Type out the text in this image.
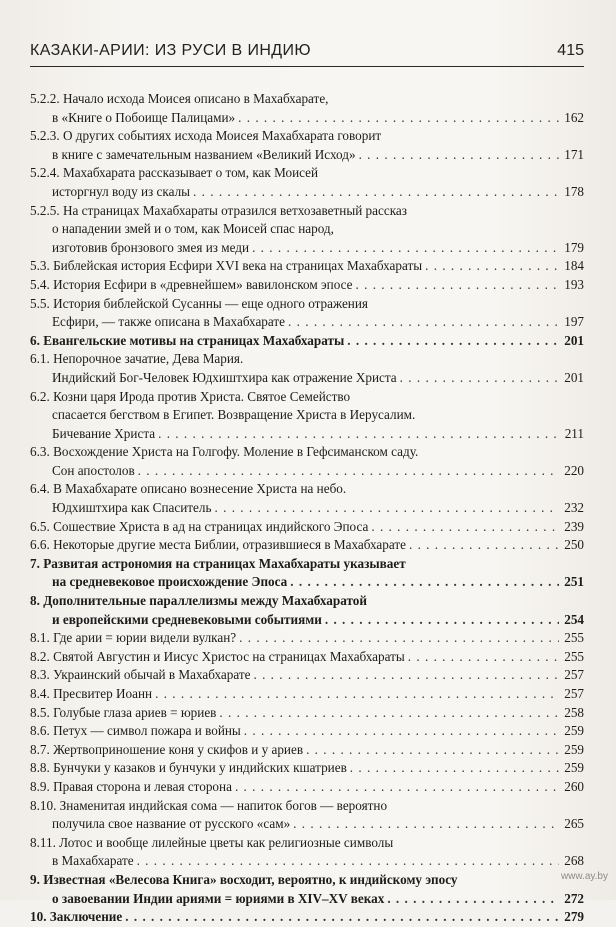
КАЗАКИ-АРИИ: ИЗ РУСИ В ИНДИЮ	415
5.2.2. Начало исхода Моисея описано в Махабхарате,
в «Книге о Побоище Палицами» . . .	162
5.2.3. О других событиях исхода Моисея Махабхарата говорит
в книге с замечательным названием «Великий Исход» . . .	171
5.2.4. Махабхарата рассказывает о том, как Моисей
исторгнул воду из скалы . . .	178
5.2.5. На страницах Махабхараты отразился ветхозаветный рассказ
о нападении змей и о том, как Моисей спас народ,
изготовив бронзового змея из меди . . .	179
5.3. Библейская история Есфири XVI века на страницах Махабхараты . . .	184
5.4. История Есфири в «древнейшем» вавилонском эпосе . . .	193
5.5. История библейской Сусанны — еще одного отражения
Есфири, — также описана в Махабхарате . . .	197
6. Евангельские мотивы на страницах Махабхараты . . .	201
6.1. Непорочное зачатие, Дева Мария.
Индийский Бог-Человек Юдхиштхира как отражение Христа . . .	201
6.2. Козни царя Ирода против Христа. Святое Семейство
спасается бегством в Египет. Возвращение Христа в Иерусалим.
Бичевание Христа . . .	211
6.3. Восхождение Христа на Голгофу. Моление в Гефсиманском саду.
Сон апостолов . . .	220
6.4. В Махабхарате описано вознесение Христа на небо.
Юдхиштхира как Спаситель . . .	232
6.5. Сошествие Христа в ад на страницах индийского Эпоса . . .	239
6.6. Некоторые другие места Библии, отразившиеся в Махабхарате . . .	250
7. Развитая астрономия на страницах Махабхараты указывает
на средневековое происхождение Эпоса . . .	251
8. Дополнительные параллелизмы между Махабхаратой
и европейскими средневековыми событиями . . .	254
8.1. Где арии = юрии видели вулкан? . . .	255
8.2. Святой Августин и Иисус Христос на страницах Махабхараты . . .	255
8.3. Украинский обычай в Махабхарате . . .	257
8.4. Пресвитер Иоанн . . .	257
8.5. Голубые глаза ариев = юриев . . .	258
8.6. Петух — символ пожара и войны . . .	259
8.7. Жертвоприношение коня у скифов и у ариев . . .	259
8.8. Бунчуки у казаков и бунчуки у индийских кшатриев . . .	259
8.9. Правая сторона и левая сторона . . .	260
8.10. Знаменитая индийская сома — напиток богов — вероятно
получила свое название от русского «сам» . . .	265
8.11. Лотос и вообще лилейные цветы как религиозные символы
в Махабхарате . . .	268
9. Известная «Велесова Книга» восходит, вероятно, к индийскому эпосу
о завоевании Индии ариями = юриями в XIV–XV веках . . .	272
10. Заключение . . .	279
www.ay.by
